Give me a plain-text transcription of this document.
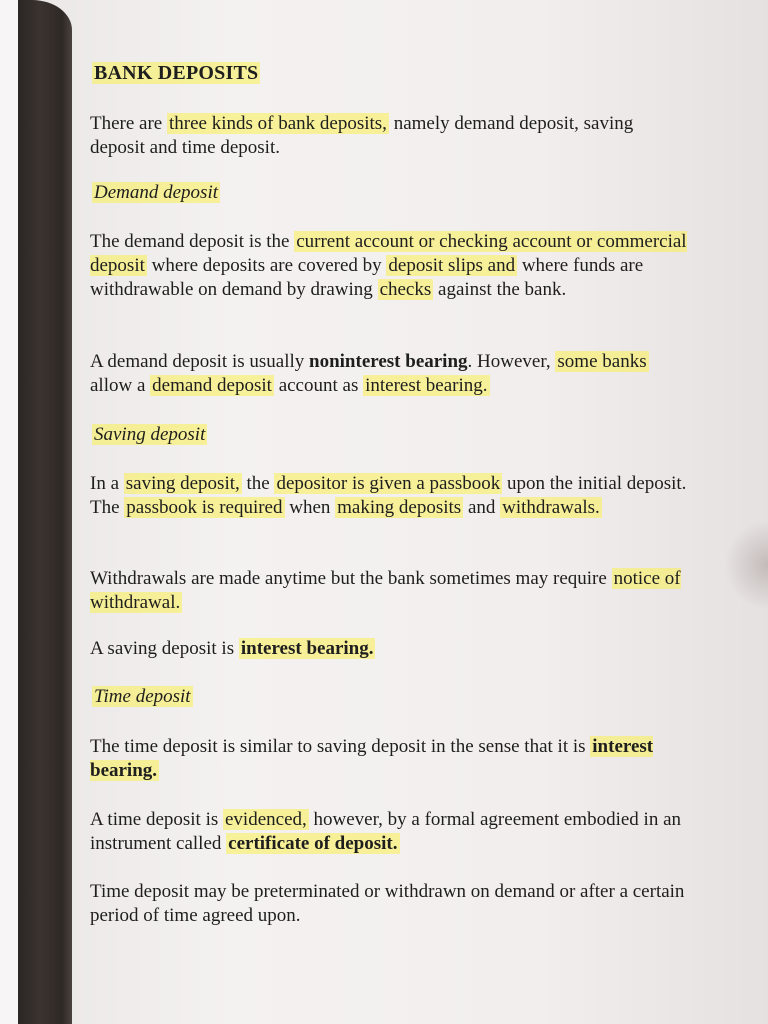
BANK DEPOSITS

There are three kinds of bank deposits, namely demand deposit, saving deposit and time deposit.

Demand deposit

The demand deposit is the current account or checking account or commercial deposit where deposits are covered by deposit slips and where funds are withdrawable on demand by drawing checks against the bank.

A demand deposit is usually noninterest bearing. However, some banks allow a demand deposit account as interest bearing.

Saving deposit

In a saving deposit, the depositor is given a passbook upon the initial deposit. The passbook is required when making deposits and withdrawals.

Withdrawals are made anytime but the bank sometimes may require notice of withdrawal.

A saving deposit is interest bearing.

Time deposit

The time deposit is similar to saving deposit in the sense that it is interest bearing.

A time deposit is evidenced, however, by a formal agreement embodied in an instrument called certificate of deposit.

Time deposit may be preterminated or withdrawn on demand or after a certain period of time agreed upon.
